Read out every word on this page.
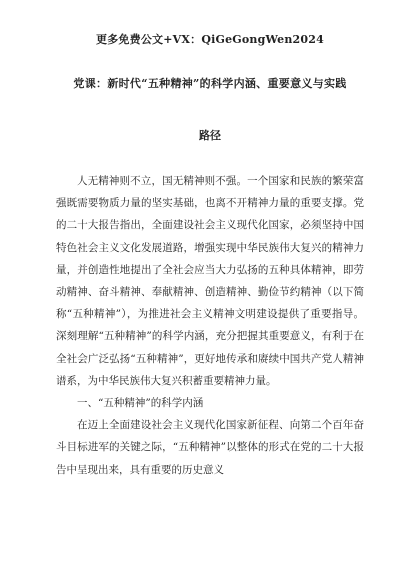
更多免费公文+VX：QiGeGongWen2024
党课：新时代“五种精神”的科学内涵、重要意义与实践
路径

人无精神则不立，国无精神则不强。一个国家和民族的繁荣富强既需要物质力量的坚实基础，也离不开精神力量的重要支撑。党的二十大报告指出，全面建设社会主义现代化国家，必须坚持中国特色社会主义文化发展道路，增强实现中华民族伟大复兴的精神力量，并创造性地提出了全社会应当大力弘扬的五种具体精神，即劳动精神、奋斗精神、奉献精神、创造精神、勤俭节约精神（以下简称“五种精神”），为推进社会主义精神文明建设提供了重要指导。深刻理解“五种精神”的科学内涵，充分把握其重要意义，有利于在全社会广泛弘扬“五种精神”，更好地传承和赓续中国共产党人精神谱系，为中华民族伟大复兴积蓄重要精神力量。

一、“五种精神”的科学内涵

在迈上全面建设社会主义现代化国家新征程、向第二个百年奋斗目标进军的关键之际，“五种精神”以整体的形式在党的二十大报告中呈现出来，具有重要的历史意义
